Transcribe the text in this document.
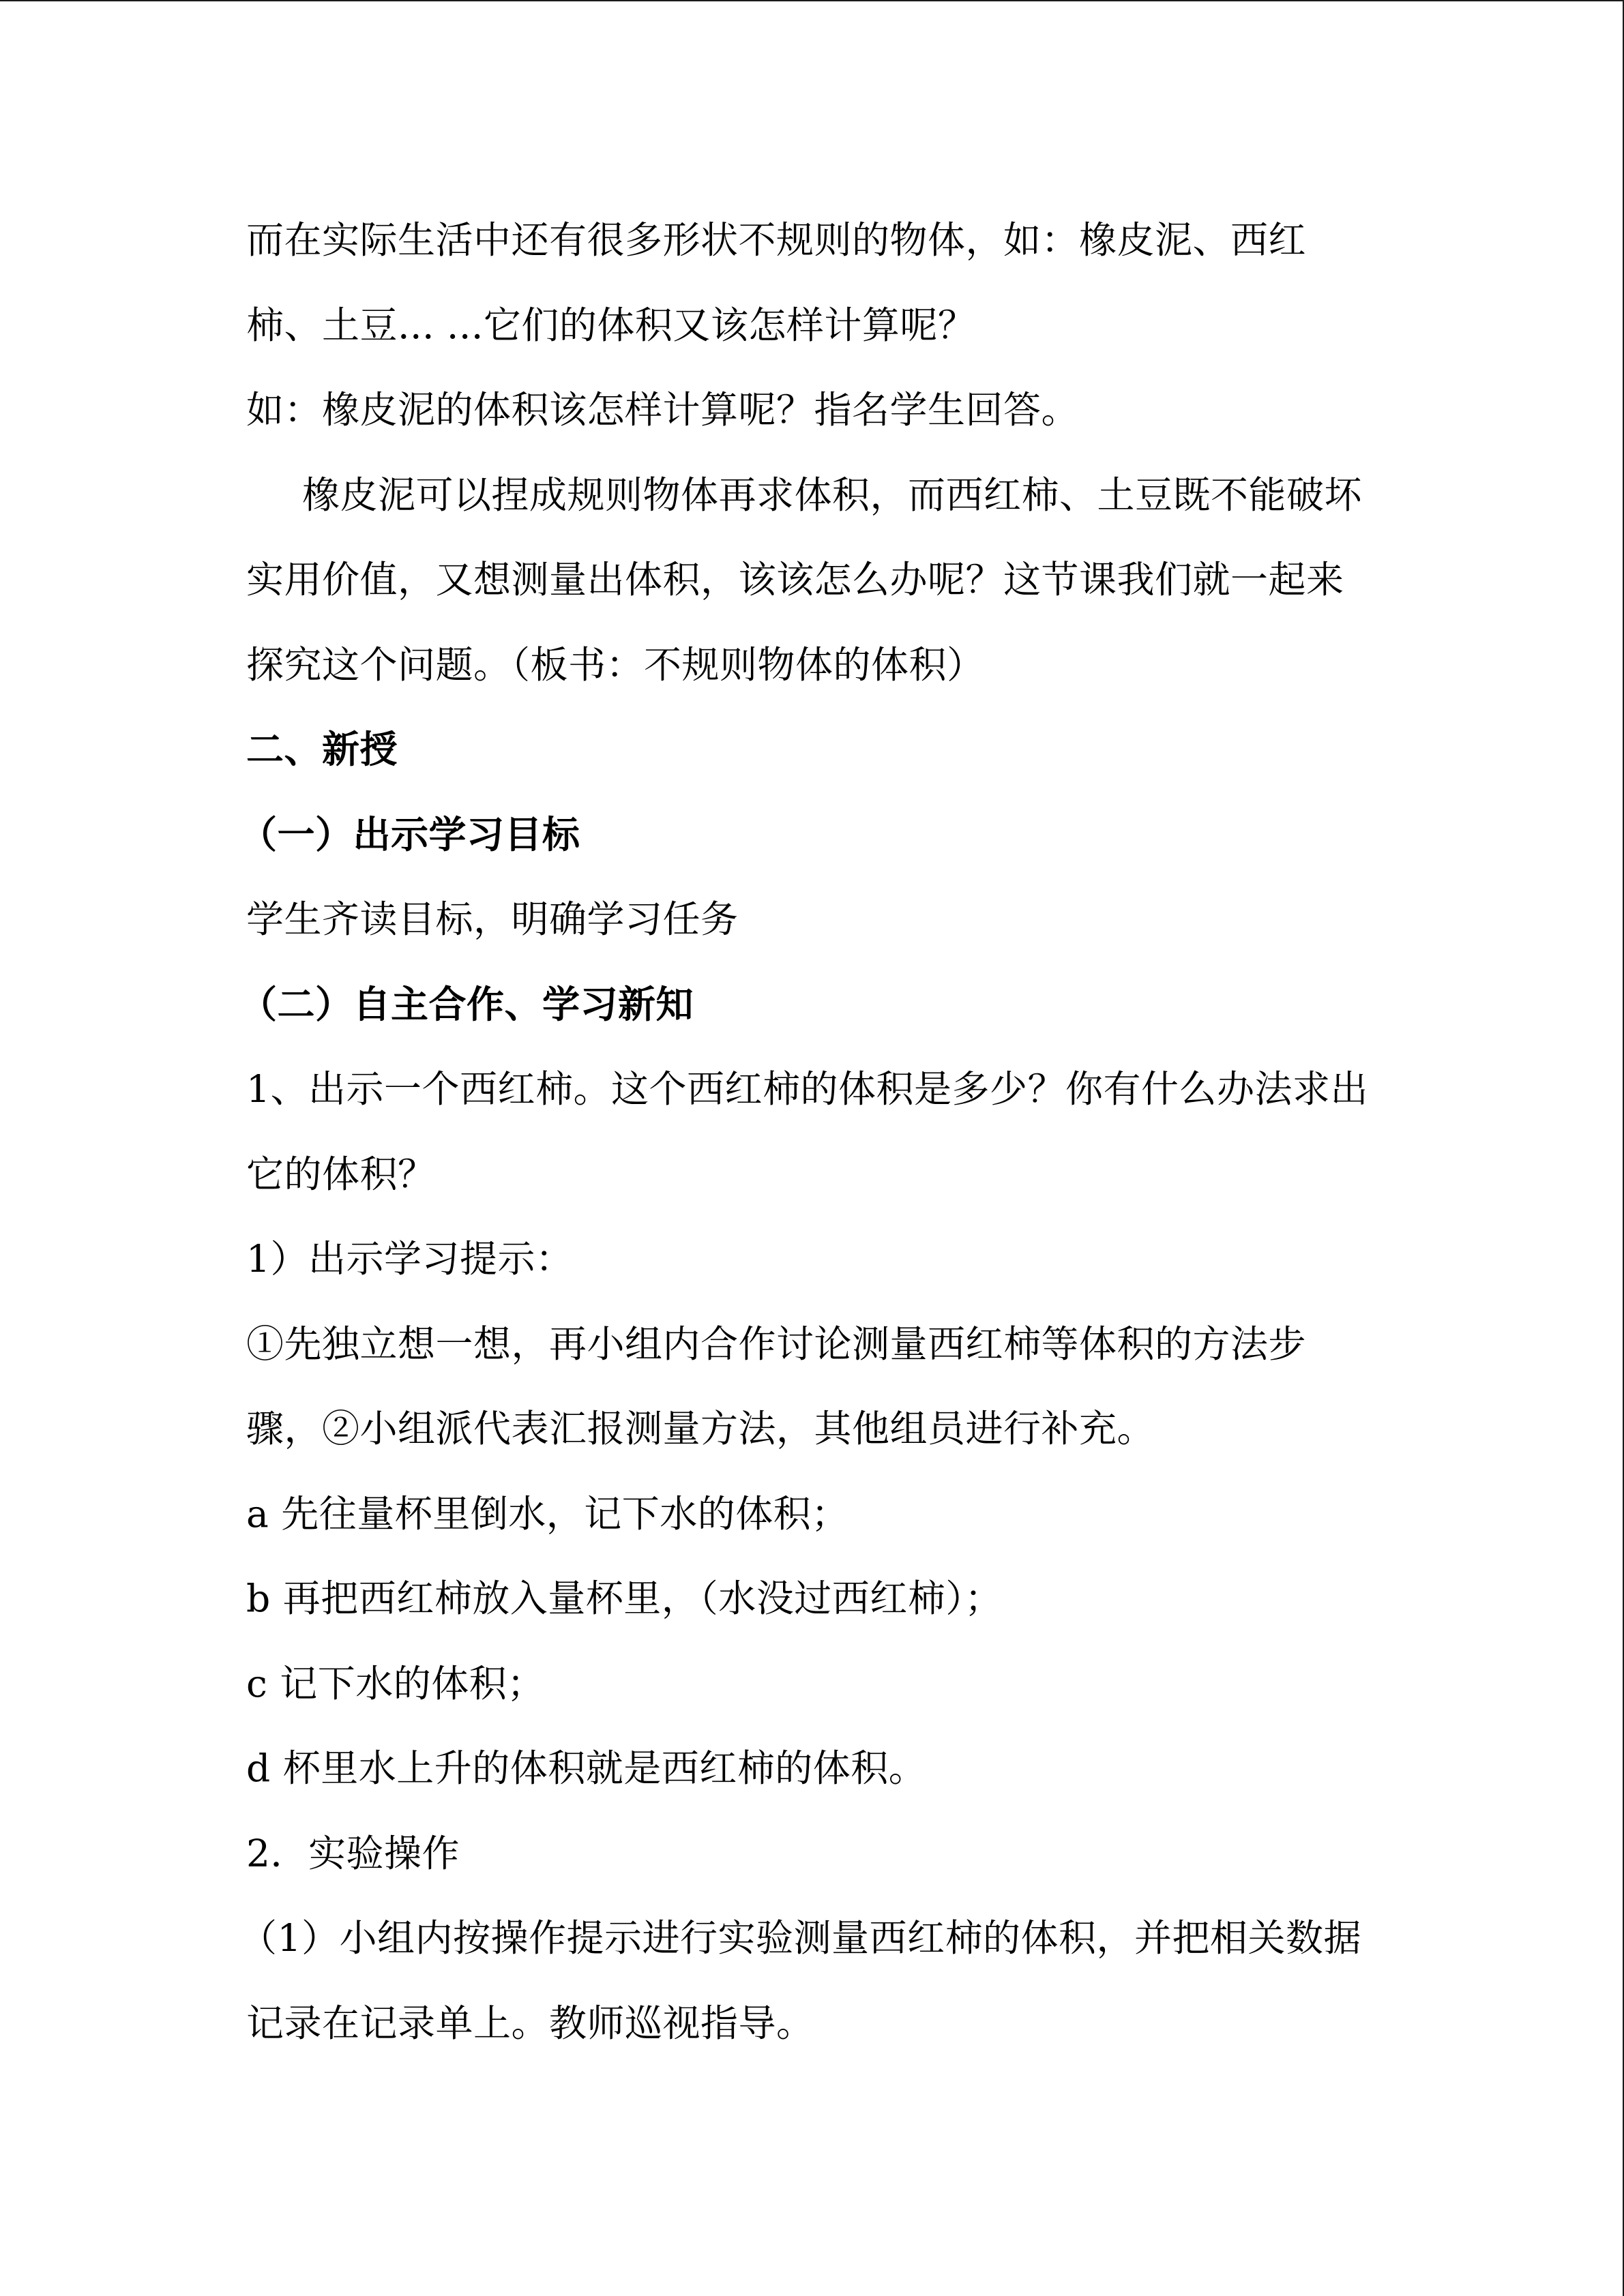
而在实际生活中还有很多形状不规则的物体，如：橡皮泥、西红
柿、土豆... ...它们的体积又该怎样计算呢？
如：橡皮泥的体积该怎样计算呢？指名学生回答。
橡皮泥可以捏成规则物体再求体积，而西红柿、土豆既不能破坏
实用价值，又想测量出体积，该该怎么办呢？这节课我们就一起来
探究这个问题。（板书：不规则物体的体积）
二、新授
（一）出示学习目标
学生齐读目标，明确学习任务
（二）自主合作、学习新知
1、出示一个西红柿。这个西红柿的体积是多少？你有什么办法求出
它的体积？
1）出示学习提示：
①先独立想一想，再小组内合作讨论测量西红柿等体积的方法步
骤，②小组派代表汇报测量方法，其他组员进行补充。
a 先往量杯里倒水，记下水的体积；
b 再把西红柿放入量杯里，（水没过西红柿）；
c 记下水的体积；
d 杯里水上升的体积就是西红柿的体积。
2．实验操作
（1）小组内按操作提示进行实验测量西红柿的体积，并把相关数据
记录在记录单上。教师巡视指导。
